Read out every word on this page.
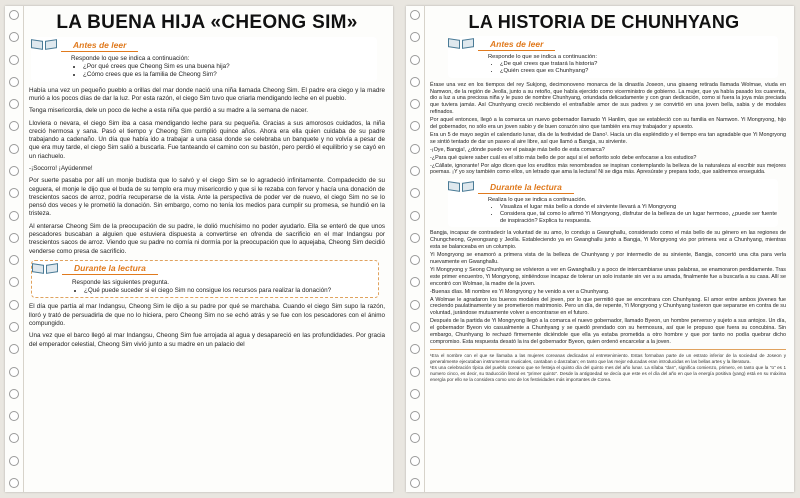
LA BUENA HIJA «CHEONG SIM»
Antes de leer
Responde lo que se indica a continuación:
• ¿Por qué crees que Cheong Sim es una buena hija?
• ¿Cómo crees que es la familia de Cheong Sim?

Había una vez un pequeño pueblo a orillas del mar donde nació una niña llamada Cheong Sim. El padre era ciego y la madre murió a los pocos días de dar la luz. Por esta razón, el ciego Sim tuvo que criarla mendigando leche en el pueblo.

Tenga misericordia, dele un poco de leche a esta niña que perdió a su madre a la semana de nacer.

Lloviera o nevara, el ciego Sim iba a casa mendigando leche para su pequeña. Gracias a sus amorosos cuidados, la niña creció hermosa y sana. Pasó el tiempo y Cheong Sim cumplió quince años. Ahora era ella quien cuidaba de su padre trabajando a cadenaño. Un día que había ido a trabajar a una casa donde se celebraba un banquete y no volvía a pesar de que era muy tarde, el ciego Sim salió a buscarla. Fue tanteando el camino con su bastón, pero perdió el equilibrio y se cayó en un riachuelo.

-¡Socorro! ¡Ayúdenme!

Por suerte pasaba por allí un monje budista que lo salvó y el ciego Sim se lo agradeció infinitamente. Compadecido de su ceguera, el monje le dijo que el buda de su templo era muy misericordio y que si le rezaba con fervor y hacía una donación de trescientos sacos de arroz, podría recuperarse de la vista. Ante la perspectiva de poder ver de nuevo, el ciego Sim no se lo pensó dos veces y le prometió la donación. Sin embargo, como no tenía los medios para cumplir su promesa, se hundió en la tristeza.

Al enterarse Cheong Sim de la preocupación de su padre, le dolió muchísimo no poder ayudarlo. Ella se enteró de que unos pescadores buscaban a alguien que estuviera dispuesta a convertirse en ofrenda de sacrificio en el mar Indangsu por trescientos sacos de arroz. Viendo que su padre no comía ni dormía por la preocupación que lo aquejaba, Cheong Sim decidió venderse como presa de sacrificio.

Durante la lectura
Responde las siguientes pregunta.
• ¿Qué puede suceder si el ciego Sim no consigue los recursos para realizar la donación?

El día que partía al mar Indangsu, Cheong Sim le dijo a su padre por qué se marchaba. Cuando el ciego Sim supo la razón, lloró y trató de persuadirla de que no lo hiciera, pero Cheong Sim no se echó atrás y se fue con los pescadores con el ánimo compungido.

Una vez que el barco llegó al mar Indangsu, Cheong Sim fue arrojada al agua y desapareció en las profundidades. Por gracia del emperador celestial, Cheong Sim vivió junto a su madre en un palacio del

LA HISTORIA DE CHUNHYANG
Antes de leer
Responde lo que se indica a continuación:
• ¿De qué crees que tratará la historia?
• ¿Quién crees que es Chunhyang?

Érase una vez en los tiempos del rey Sukjong, decimonoveno monarca de la dinastía Joseon, una gisaeng retirada llamada Wolmae, viuda en Namwon, de la región de Jeolla, junto a su retoño, que había ejercido como vicerministro de gobierno. La mujer, que ya había pasado los cuarenta, dio a luz a una preciosa niña y le puso de nombre Chunhyang, oriundada delicadamente y con gran dedicación, como si fuera la joya más preciada que tuviera jamás. Así Chunhyang creció recibiendo el entrañable amor de sus padres y se convirtió en una joven bella, sabia y de modales refinados.

Por aquel entonces, llegó a la comarca un nuevo gobernador llamado Yi Hanlim, que se estableció con su familia en Namwon. Yi Mongryong, hijo del gobernador, no sólo era un joven sabio y de buen corazón sino que también era muy trabajador y apuesto.

Era un 5 de mayo según el calendario lunar, día de la festividad de Dano¹. Hacía un día espléndido y el tiempo era tan agradable que Yi Mongryong se sintió tentado de dar un paseo al aire libre, así que llamó a Bangja, su sirviente.

-¡Oye, Bangja!, ¿dónde puedo ver el paisaje más bello de esta comarca?

-¿Para qué quiere saber cuál es el sitio más bello de por aquí si el señorito solo debe enfocarse a los estudios?

-¿Cállate, ignorante! Por algo dicen que los eruditos más renombrados se inspiran contemplando la belleza de la naturaleza al escribir sus mejores poemas. ¡Y yo soy también como ellos, un letrado que ama la lectura! Ni se diga más. Apresúrate y prepara todo, que saldremos enseguida.

Durante la lectura
Realiza lo que se indica a continuación.
• Visualiza el lugar más bello a donde el sirviente llevará a Yi Mongryong
• Considera que, tal como lo afirmó Yi Mongryong, disfrutar de la belleza de un lugar hermoso, ¿puede ser fuente de inspiración? Explica tu respuesta.

Bangja, incapaz de contradecir la voluntad de su amo, lo condujo a Gwanghallu, considerado como el más bello de su género en las regiones de Chungcheong, Gyeongsang y Jeolla. Estableciendo ya en Gwanghallu junto a Bangja, Yi Mongryong vio por primera vez a Chunhyang, mientras esta se balanceaba en un columpio.

Yi Mongryong se enamoró a primera vista de la belleza de Chunhyang y por intermedio de su sirviente, Bangja, concertó una cita para verla nuevamente en Gwanghallu.

Yi Mongryong y Seong Chunhyang se volvieron a ver en Gwanghallu y a poco de intercambiarse unas palabras, se enamoraron perdidamente. Tras este primer encuentro, Yi Mongryong, sintiéndose incapaz de tolerar un solo instante sin ver a su amada, finalmente fue a buscarla a su casa. Allí se encontró con Wolmae, la madre de la joven.

-Buenas días. Mi nombre es Yi Mongryong y he venido a ver a Chunhyang.

A Wolmae le agradaron los buenos modales del joven, por lo que permitió que se encontrara con Chunhyang. El amor entre ambos jóvenes fue creciendo paulatinamente y se prometieron matrimonio. Pero un día, de repente, Yi Mongryong y Chunhyang tuvieron que separarse en contra de su voluntad, jurándose mutuamente volver a encontrarse en el futuro.

Después de la partida de Yi Mongryong llegó a la comarca el nuevo gobernador, llamado Byeon, un hombre perverso y sujeto a sus antojos. Un día, el gobernador Byeon vio casualmente a Chunhyang y se quedó prendado con su hermosura, así que le propuso que fuera su concubina. Sin embargo, Chunhyang lo rechazó firmemente diciéndole que ella ya estaba prometida a otro hombre y que por tanto no podía quebrar dicho compromiso. Esta respuesta desató la ira del gobernador Byeon, quien ordenó encarcelar a la joven.

¹Era el nombre con el que se llamaba a las mujeres coreanas dedicadas al entretenimiento. Estas formaban parte de un estrato inferior de la sociedad de Joseon y generalmente ejecutaban instrumentos musicales, cantaban o danzaban; en tanto que las mejor educadas eran introducidas en las bellas artes y la literatura.

¹Es una celebración típica del pueblo coreano que se festeja el quinto día del quinto mes del año lunar. La sílaba "dan", significa comienzo, primero, en tanto que la "o" es 1 numero cinco, es decir, su traducción literal es "primer quinto". Desde la antigüedad se decía que este es el día del año en que la energía positiva (yang) está en su máxima energía por ello se la considera como uno de los festividades más importantes de Corea.
